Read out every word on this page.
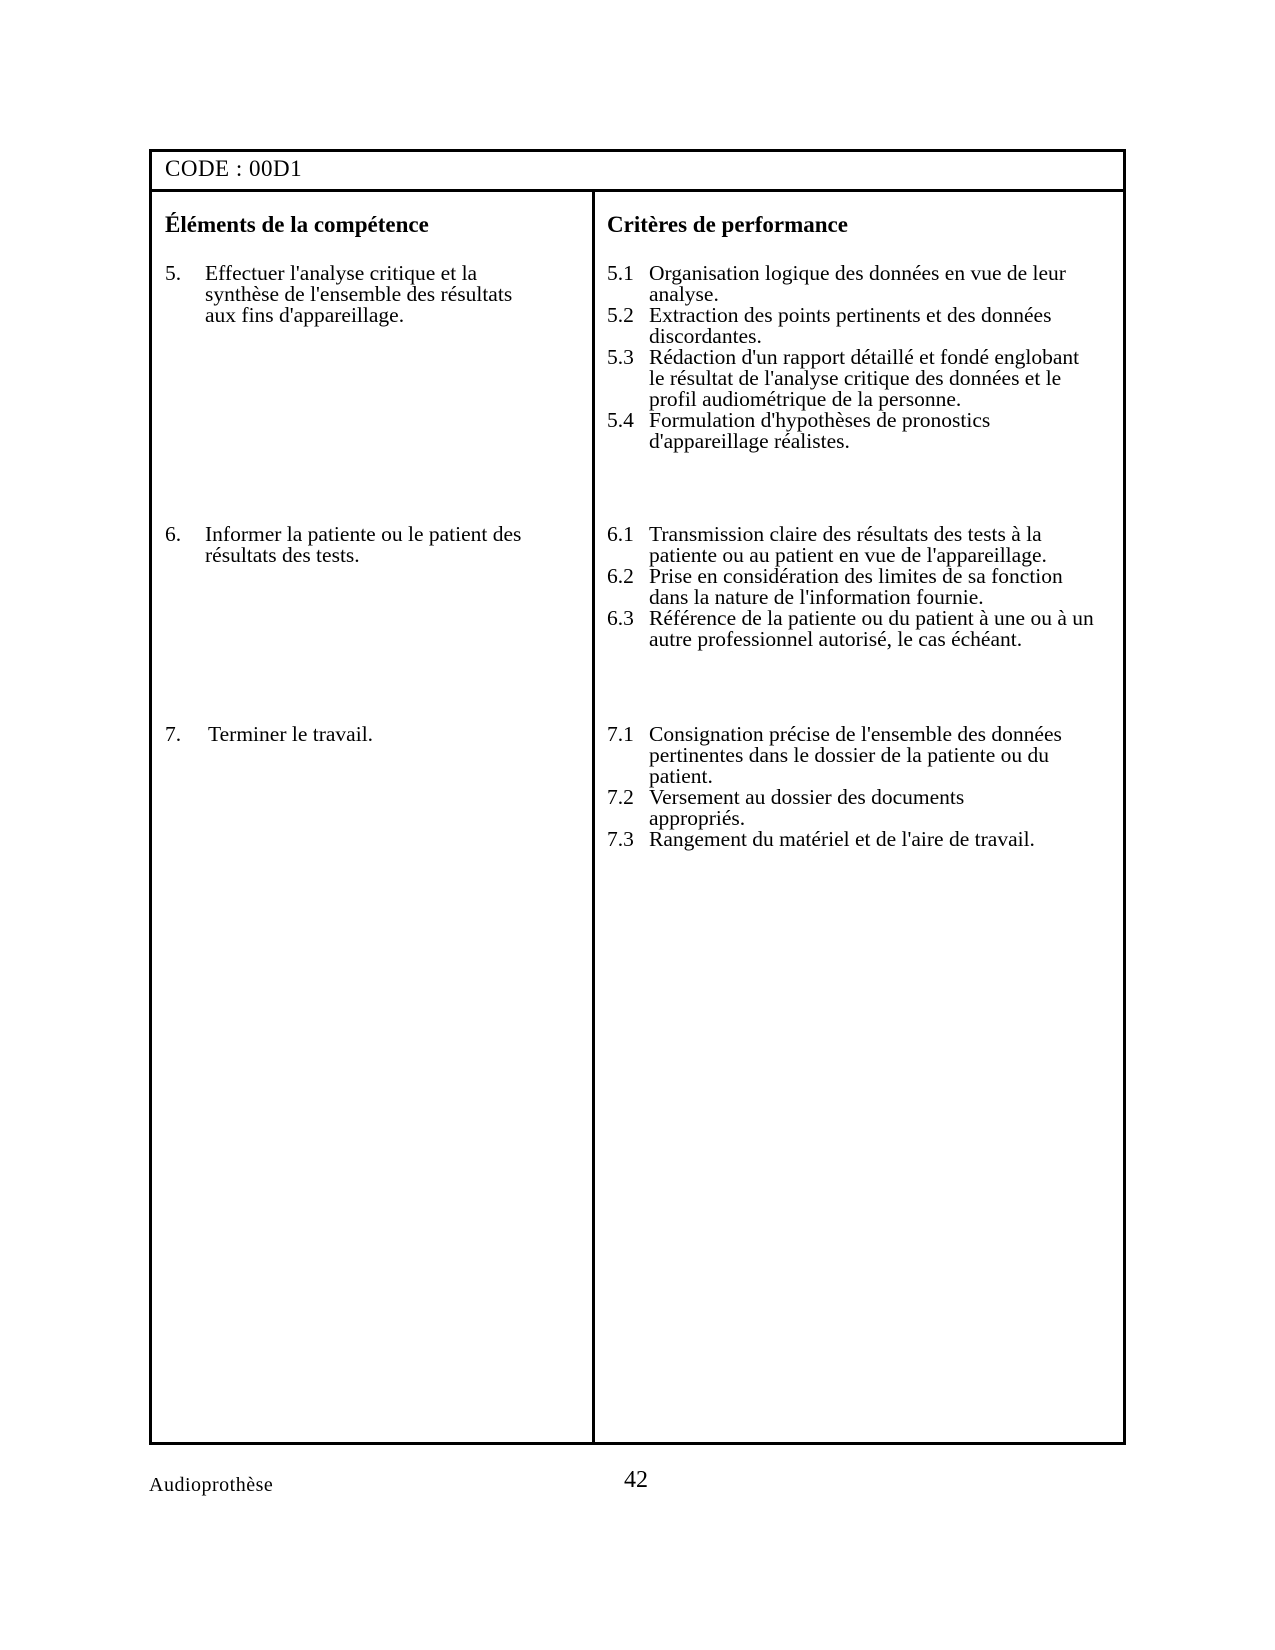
CODE : 00D1
Éléments de la compétence	Critères de performance
5. Effectuer l'analyse critique et la synthèse de l'ensemble des résultats aux fins d'appareillage.
6. Informer la patiente ou le patient des résultats des tests.
7. Terminer le travail.
5.1 Organisation logique des données en vue de leur analyse.
5.2 Extraction des points pertinents et des données discordantes.
5.3 Rédaction d'un rapport détaillé et fondé englobant le résultat de l'analyse critique des données et le profil audiométrique de la personne.
5.4 Formulation d'hypothèses de pronostics d'appareillage réalistes.
6.1 Transmission claire des résultats des tests à la patiente ou au patient en vue de l'appareillage.
6.2 Prise en considération des limites de sa fonction dans la nature de l'information fournie.
6.3 Référence de la patiente ou du patient à une ou à un autre professionnel autorisé, le cas échéant.
7.1 Consignation précise de l'ensemble des données pertinentes dans le dossier de la patiente ou du patient.
7.2 Versement au dossier des documents appropriés.
7.3 Rangement du matériel et de l'aire de travail.
Audioprothèse	42
